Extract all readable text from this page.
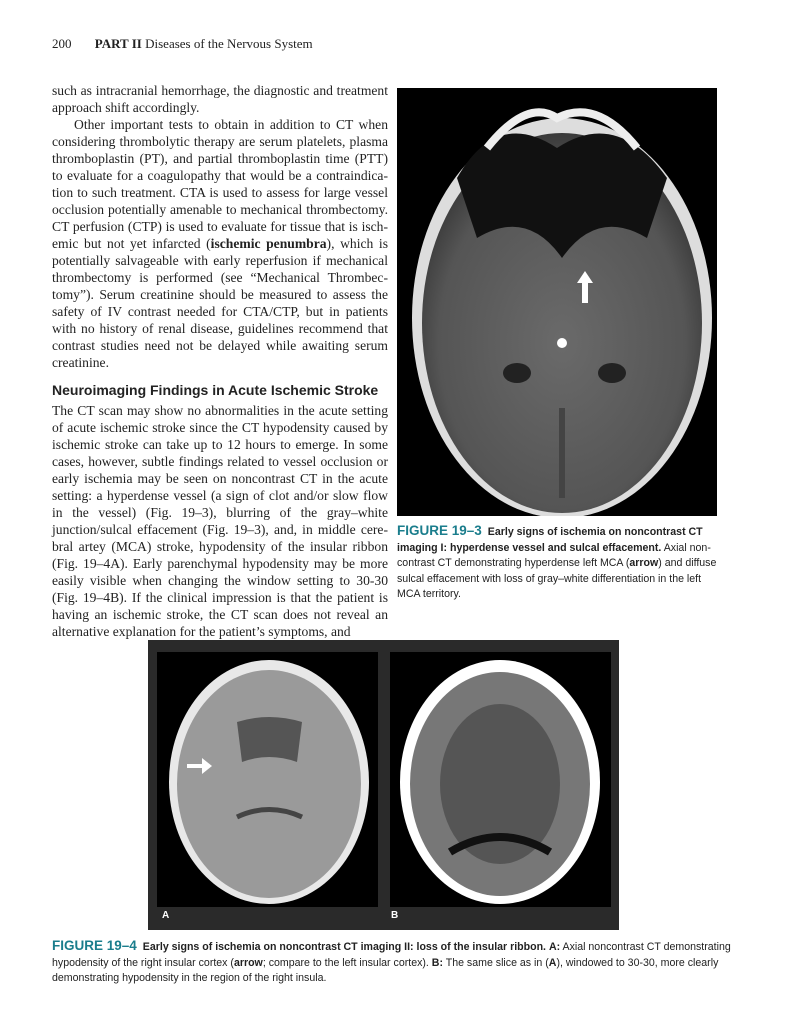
200 PART II Diseases of the Nervous System

such as intracranial hemorrhage, the diagnostic and treatment approach shift accordingly.

Other important tests to obtain in addition to CT when considering thrombolytic therapy are serum platelets, plasma thromboplastin (PT), and partial thromboplastin time (PTT) to evaluate for a coagulopathy that would be a contraindication to such treatment. CTA is used to assess for large vessel occlusion potentially amenable to mechanical thrombectomy. CT perfusion (CTP) is used to evaluate for tissue that is ischemic but not yet infarcted (ischemic penumbra), which is potentially salvageable with early reperfusion if mechanical thrombectomy is performed (see “Mechanical Thrombectomy”). Serum creatinine should be measured to assess the safety of IV contrast needed for CTA/CTP, but in patients with no history of renal disease, guidelines recommend that contrast studies need not be delayed while awaiting serum creatinine.

Neuroimaging Findings in Acute Ischemic Stroke

The CT scan may show no abnormalities in the acute setting of acute ischemic stroke since the CT hypodensity caused by ischemic stroke can take up to 12 hours to emerge. In some cases, however, subtle findings related to vessel occlusion or early ischemia may be seen on noncontrast CT in the acute setting: a hyperdense vessel (a sign of clot and/or slow flow in the vessel) (Fig. 19–3), blurring of the gray–white junction/sulcal effacement (Fig. 19–3), and, in middle cerebral artey (MCA) stroke, hypodensity of the insular ribbon (Fig. 19–4A). Early parenchymal hypodensity may be more easily visible when changing the window setting to 30-30 (Fig. 19–4B). If the clinical impression is that the patient is having an ischemic stroke, the CT scan does not reveal an alternative explanation for the patient’s symptoms, and

FIGURE 19–3 Early signs of ischemia on noncontrast CT imaging I: hyperdense vessel and sulcal effacement. Axial noncontrast CT demonstrating hyperdense left MCA (arrow) and diffuse sulcal effacement with loss of gray–white differentiation in the left MCA territory.
A	B
FIGURE 19–4 Early signs of ischemia on noncontrast CT imaging II: loss of the insular ribbon. A: Axial noncontrast CT demonstrating hypodensity of the right insular cortex (arrow; compare to the left insular cortex). B: The same slice as in (A), windowed to 30-30, more clearly demonstrating hypodensity in the region of the right insula.
